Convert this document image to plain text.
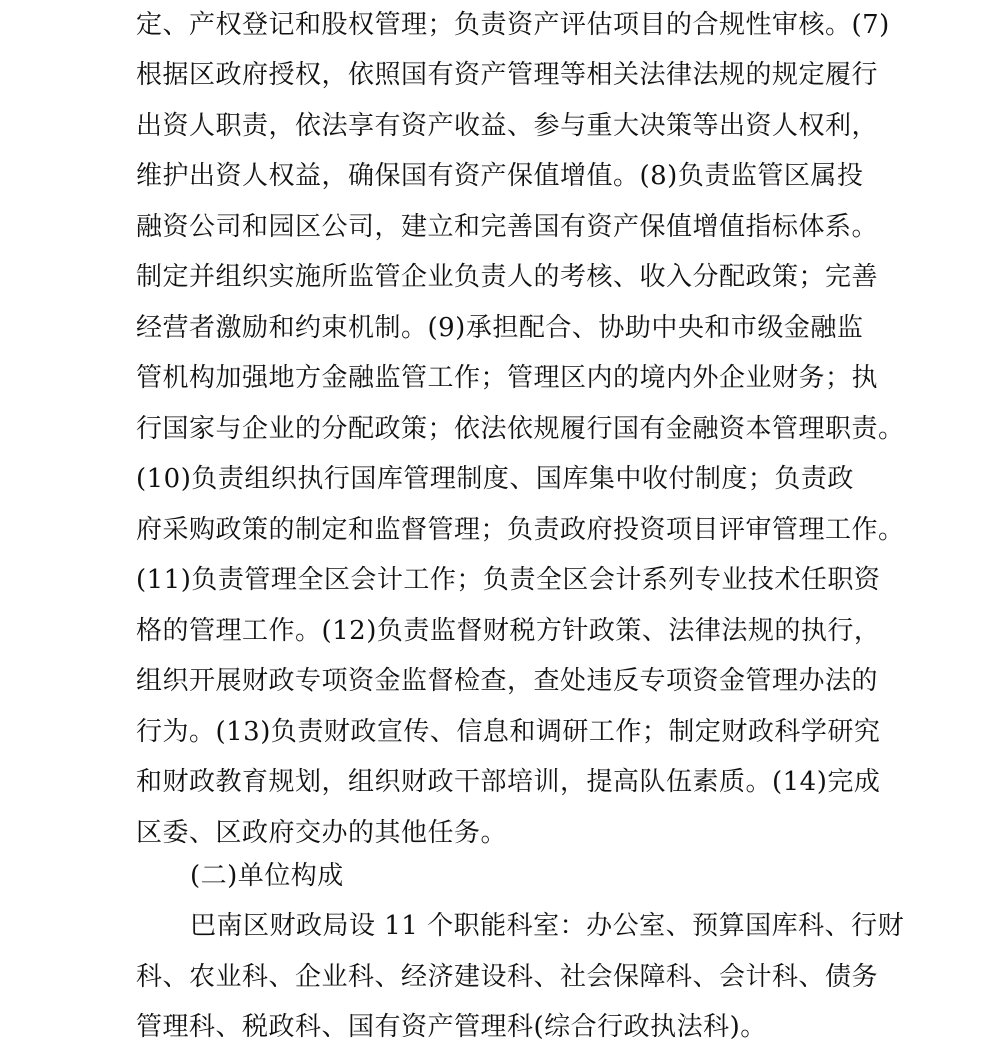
定、产权登记和股权管理；负责资产评估项目的合规性审核。(7)
根据区政府授权，依照国有资产管理等相关法律法规的规定履行
出资人职责，依法享有资产收益、参与重大决策等出资人权利，
维护出资人权益，确保国有资产保值增值。(8)负责监管区属投
融资公司和园区公司，建立和完善国有资产保值增值指标体系。
制定并组织实施所监管企业负责人的考核、收入分配政策；完善
经营者激励和约束机制。(9)承担配合、协助中央和市级金融监
管机构加强地方金融监管工作；管理区内的境内外企业财务；执
行国家与企业的分配政策；依法依规履行国有金融资本管理职责。
(10)负责组织执行国库管理制度、国库集中收付制度；负责政
府采购政策的制定和监督管理；负责政府投资项目评审管理工作。
(11)负责管理全区会计工作；负责全区会计系列专业技术任职资
格的管理工作。(12)负责监督财税方针政策、法律法规的执行，
组织开展财政专项资金监督检查，查处违反专项资金管理办法的
行为。(13)负责财政宣传、信息和调研工作；制定财政科学研究
和财政教育规划，组织财政干部培训，提高队伍素质。(14)完成
区委、区政府交办的其他任务。
(二)单位构成
巴南区财政局设 11 个职能科室：办公室、预算国库科、行财
科、农业科、企业科、经济建设科、社会保障科、会计科、债务
管理科、税政科、国有资产管理科(综合行政执法科)。
